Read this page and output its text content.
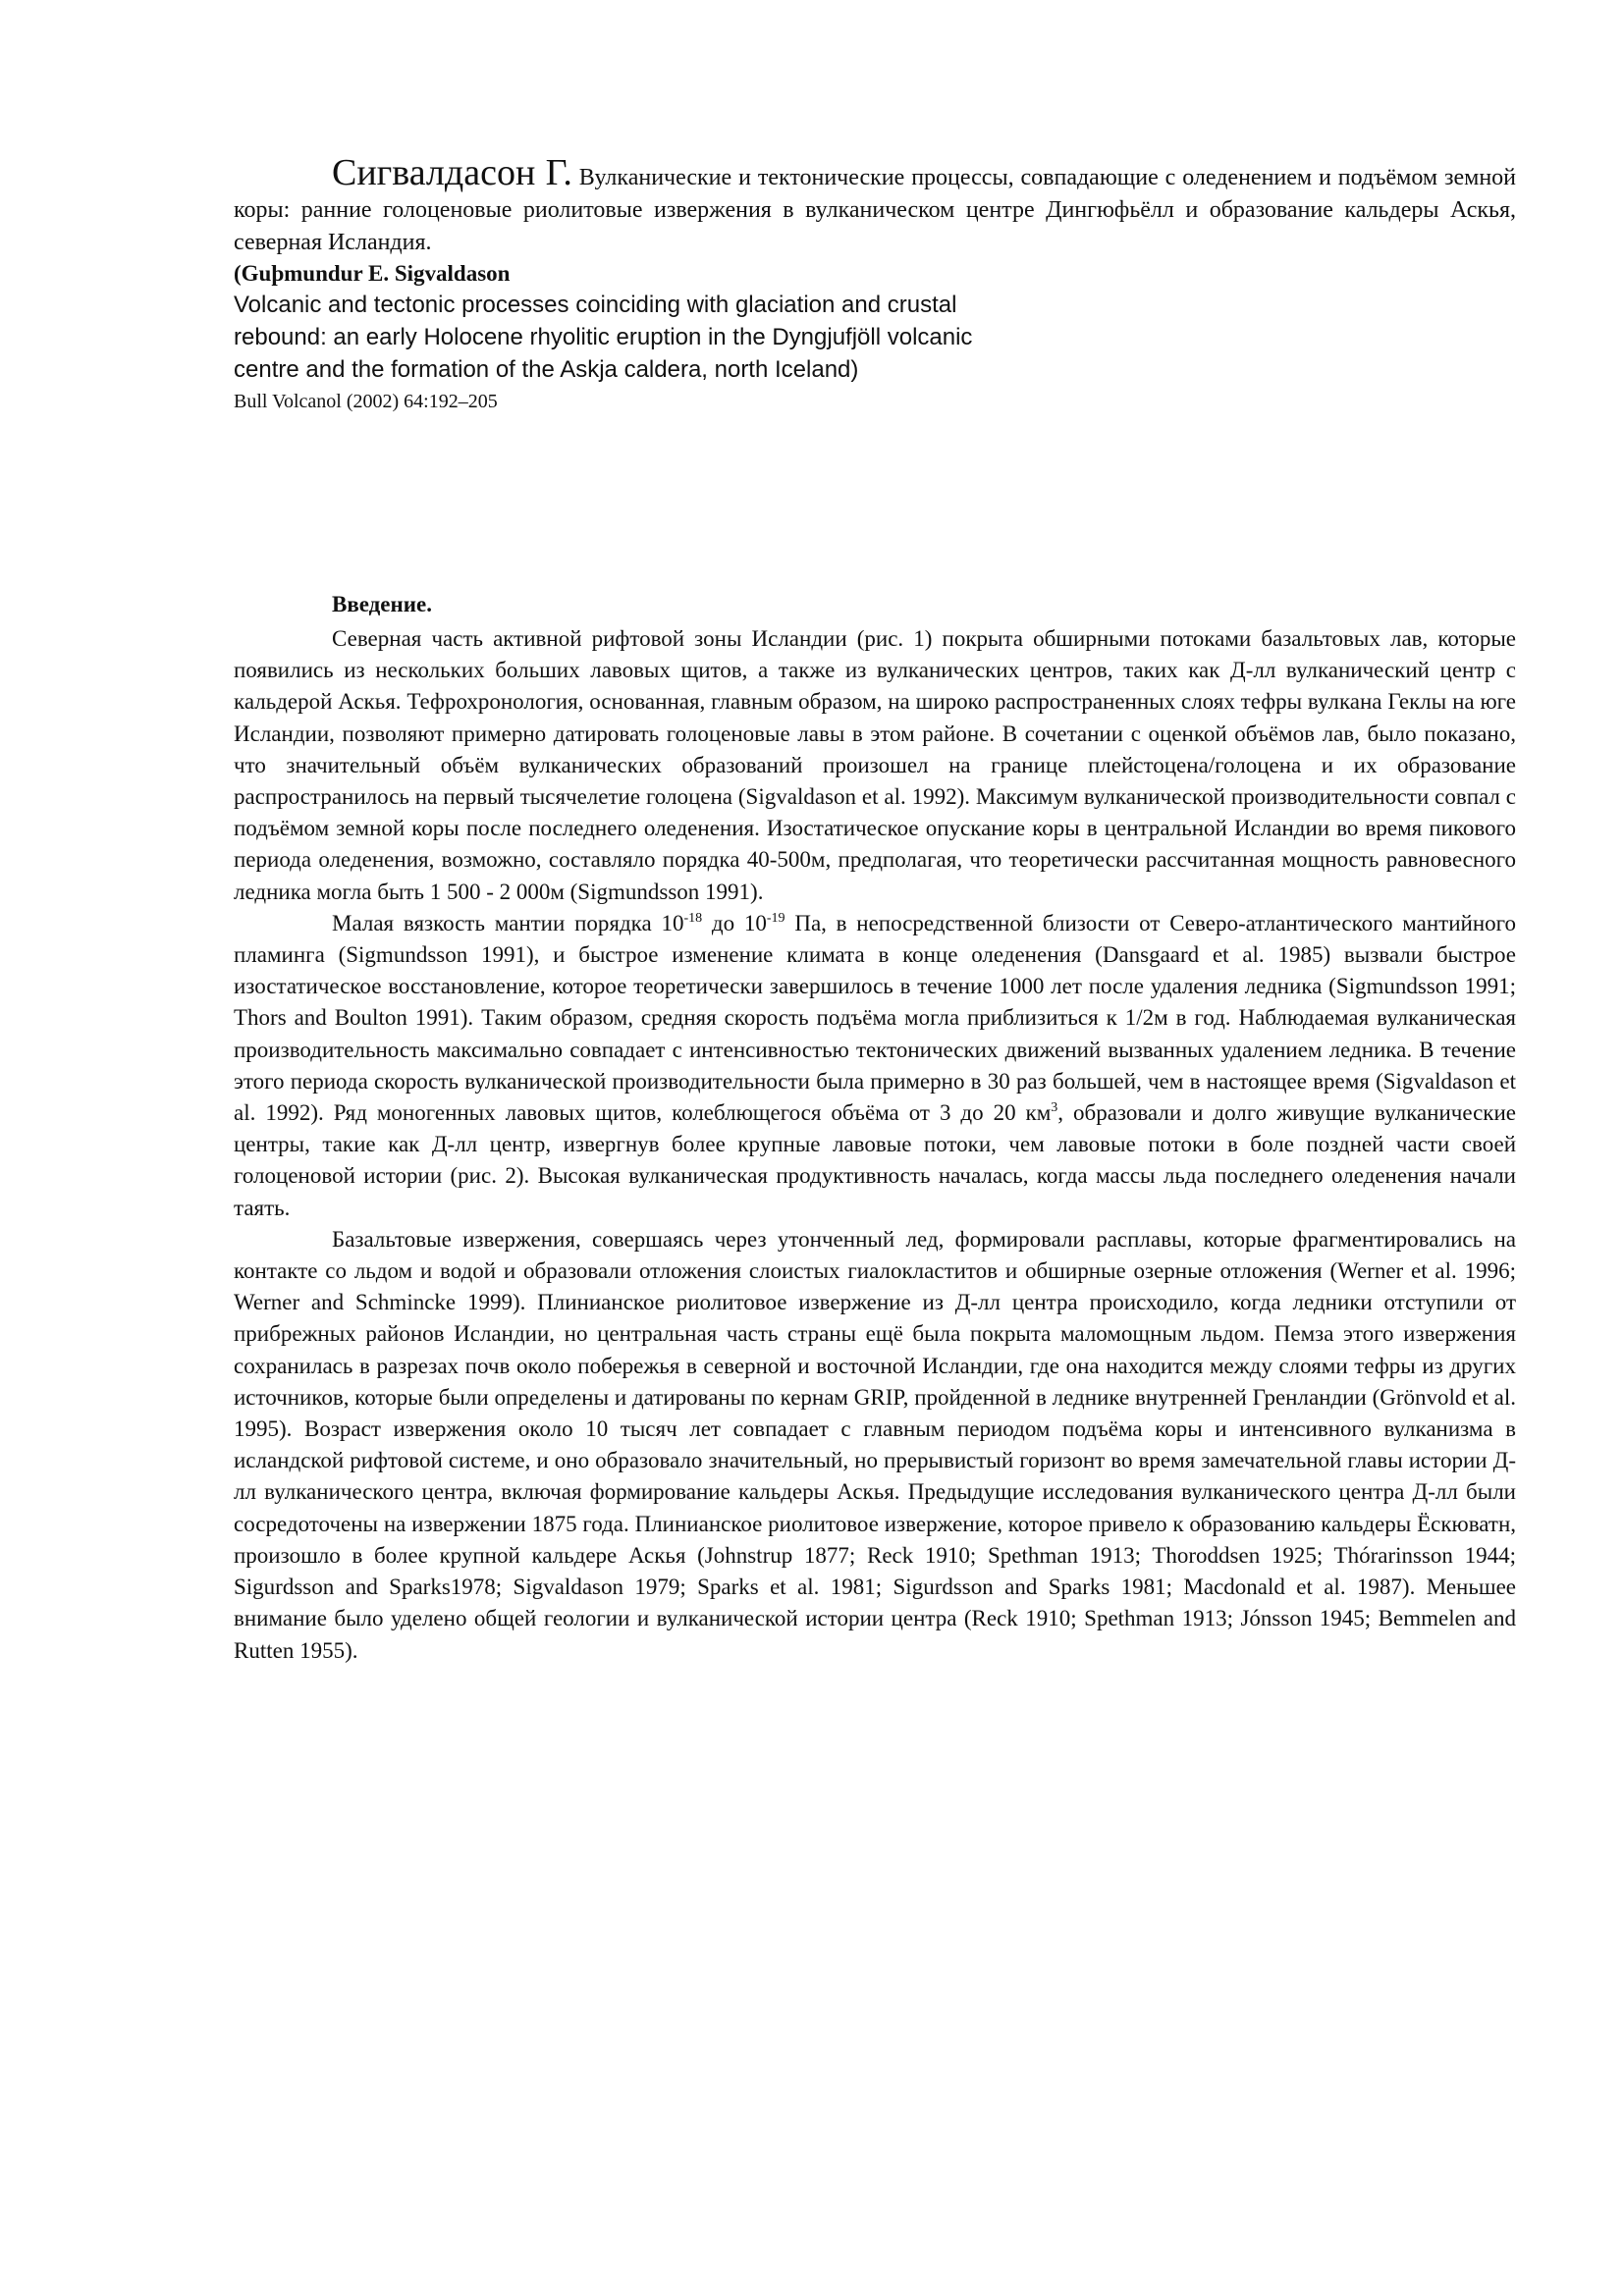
Сигвалдасон Г. Вулканические и тектонические процессы, совпадающие с оледенением и подъёмом земной коры: ранние голоценовые риолитовые извержения в вулканическом центре Дингюфьёлл и образование кальдеры Аскья, северная Исландия.

(Guþmundur E. Sigvaldason

Volcanic and tectonic processes coinciding with glaciation and crustal
rebound: an early Holocene rhyolitic eruption in the Dyngjufjöll volcanic
centre and the formation of the Askja caldera, north Iceland)

Bull Volcanol (2002) 64:192–205

Введение.

Северная часть активной рифтовой зоны Исландии (рис. 1) покрыта обширными потоками базальтовых лав, которые появились из нескольких больших лавовых щитов, а также из вулканических центров, таких как Д-лл вулканический центр с кальдерой Аскья. Тефрохронология, основанная, главным образом, на широко распространенных слоях тефры вулкана Геклы на юге Исландии, позволяют примерно датировать голоценовые лавы в этом районе. В сочетании с оценкой объёмов лав, было показано, что значительный объём вулканических образований произошел на границе плейстоцена/голоцена и их образование распространилось на первый тысячелетие голоцена (Sigvaldason et al. 1992). Максимум вулканической производительности совпал с подъёмом земной коры после последнего оледенения. Изостатическое опускание коры в центральной Исландии во время пикового периода оледенения, возможно, составляло порядка 40-500м, предполагая, что теоретически рассчитанная мощность равновесного ледника могла быть 1 500 - 2 000м (Sigmundsson 1991).

Малая вязкость мантии порядка $10^{-18}$ до $10^{-19}$ Па, в непосредственной близости от Северо-атлантического мантийного пламинга (Sigmundsson 1991), и быстрое изменение климата в конце оледенения (Dansgaard et al. 1985) вызвали быстрое изостатическое восстановление, которое теоретически завершилось в течение 1000 лет после удаления ледника (Sigmundsson 1991; Thors and Boulton 1991). Таким образом, средняя скорость подъёма могла приблизиться к 1/2м в год. Наблюдаемая вулканическая производительность максимально совпадает с интенсивностью тектонических движений вызванных удалением ледника. В течение этого периода скорость вулканической производительности была примерно в 30 раз большей, чем в настоящее время (Sigvaldason et al. 1992). Ряд моногенных лавовых щитов, колеблющегося объёма от 3 до 20 $км^3$, образовали и долго живущие вулканические центры, такие как Д-лл центр, извергнув более крупные лавовые потоки, чем лавовые потоки в боле поздней части своей голоценовой истории (рис. 2). Высокая вулканическая продуктивность началась, когда массы льда последнего оледенения начали таять.

Базальтовые извержения, совершаясь через утонченный лед, формировали расплавы, которые фрагментировались на контакте со льдом и водой и образовали отложения слоистых гиалокластитов и обширные озерные отложения (Werner et al. 1996; Werner and Schmincke 1999). Плинианское риолитовое извержение из Д-лл центра происходило, когда ледники отступили от прибрежных районов Исландии, но центральная часть страны ещё была покрыта маломощным льдом. Пемза этого извержения сохранилась в разрезах почв около побережья в северной и восточной Исландии, где она находится между слоями тефры из других источников, которые были определены и датированы по кернам GRIP, пройденной в леднике внутренней Гренландии (Grönvold et al. 1995). Возраст извержения около 10 тысяч лет совпадает с главным периодом подъёма коры и интенсивного вулканизма в исландской рифтовой системе, и оно образовало значительный, но прерывистый горизонт во время замечательной главы истории Д-лл вулканического центра, включая формирование кальдеры Аскья. Предыдущие исследования вулканического центра Д-лл были сосредоточены на извержении 1875 года. Плинианское риолитовое извержение, которое привело к образованию кальдеры Ёскюватн, произошло в более крупной кальдере Аскья (Johnstrup 1877; Reck 1910; Spethman 1913; Thoroddsen 1925; Thórarinsson 1944; Sigurdsson and Sparks1978; Sigvaldason 1979; Sparks et al. 1981; Sigurdsson and Sparks 1981; Macdonald et al. 1987). Меньшее внимание было уделено общей геологии и вулканической истории центра (Reck 1910; Spethman 1913; Jónsson 1945; Bemmelen and Rutten 1955).
